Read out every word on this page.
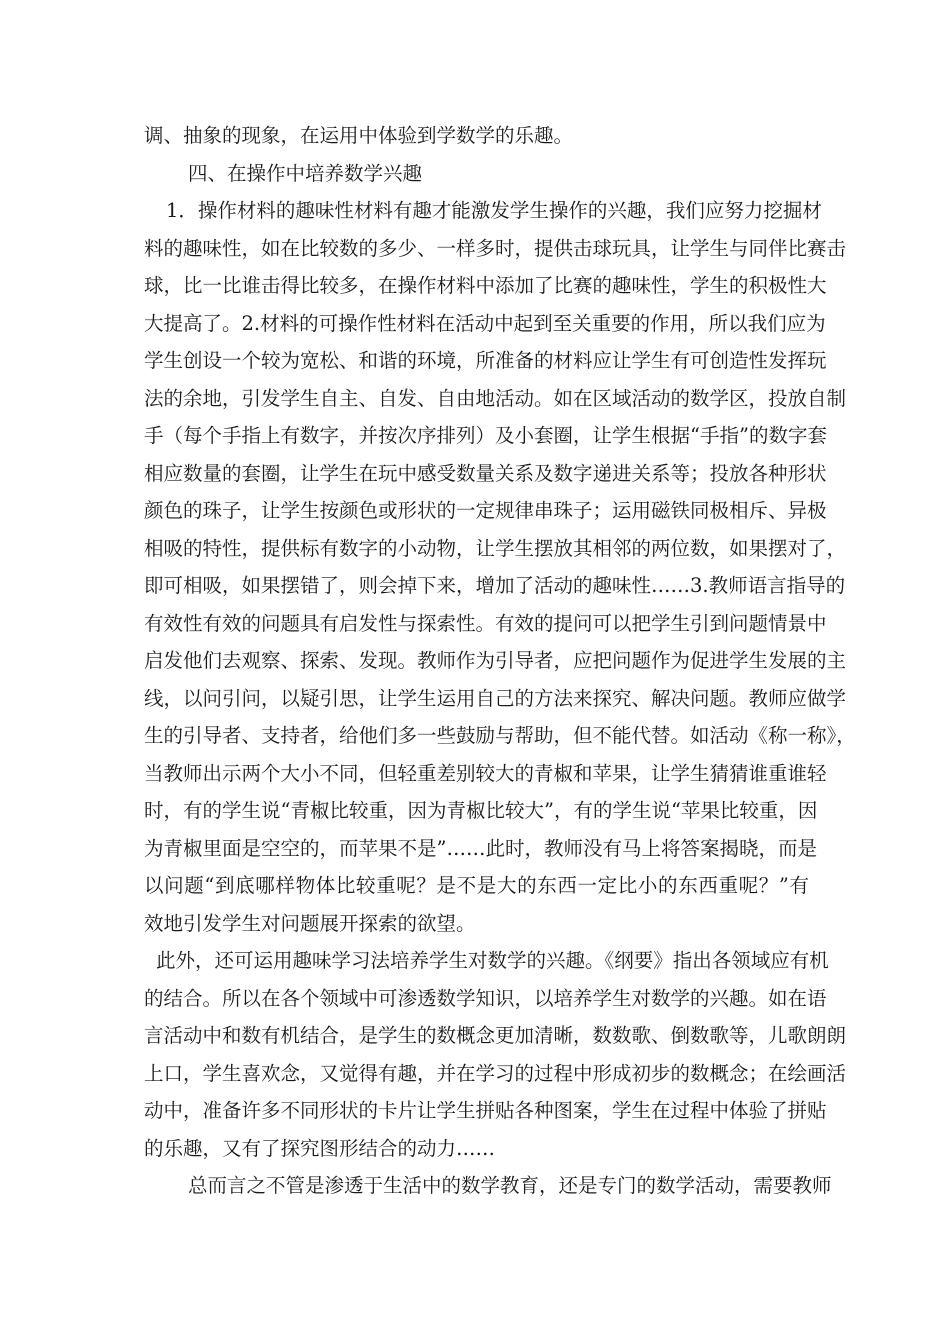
调、抽象的现象，在运用中体验到学数学的乐趣。
四、在操作中培养数学兴趣
1．操作材料的趣味性材料有趣才能激发学生操作的兴趣，我们应努力挖掘材
料的趣味性，如在比较数的多少、一样多时，提供击球玩具，让学生与同伴比赛击
球，比一比谁击得比较多，在操作材料中添加了比赛的趣味性，学生的积极性大
大提高了。2.材料的可操作性材料在活动中起到至关重要的作用，所以我们应为
学生创设一个较为宽松、和谐的环境，所准备的材料应让学生有可创造性发挥玩
法的余地，引发学生自主、自发、自由地活动。如在区域活动的数学区，投放自制
手（每个手指上有数字，并按次序排列）及小套圈，让学生根据“手指”的数字套
相应数量的套圈，让学生在玩中感受数量关系及数字递进关系等；投放各种形状
颜色的珠子，让学生按颜色或形状的一定规律串珠子；运用磁铁同极相斥、异极
相吸的特性，提供标有数字的小动物，让学生摆放其相邻的两位数，如果摆对了，
即可相吸，如果摆错了，则会掉下来，增加了活动的趣味性……3.教师语言指导的
有效性有效的问题具有启发性与探索性。有效的提问可以把学生引到问题情景中
启发他们去观察、探索、发现。教师作为引导者，应把问题作为促进学生发展的主
线，以问引问，以疑引思，让学生运用自己的方法来探究、解决问题。教师应做学
生的引导者、支持者，给他们多一些鼓励与帮助，但不能代替。如活动《称一称》，
当教师出示两个大小不同，但轻重差别较大的青椒和苹果，让学生猜猜谁重谁轻
时，有的学生说“青椒比较重，因为青椒比较大”，有的学生说“苹果比较重，因
为青椒里面是空空的，而苹果不是”……此时，教师没有马上将答案揭晓，而是
以问题“到底哪样物体比较重呢？是不是大的东西一定比小的东西重呢？”有
效地引发学生对问题展开探索的欲望。
此外，还可运用趣味学习法培养学生对数学的兴趣。《纲要》指出各领域应有机
的结合。所以在各个领域中可渗透数学知识，以培养学生对数学的兴趣。如在语
言活动中和数有机结合，是学生的数概念更加清晰，数数歌、倒数歌等，儿歌朗朗
上口，学生喜欢念，又觉得有趣，并在学习的过程中形成初步的数概念；在绘画活
动中，准备许多不同形状的卡片让学生拼贴各种图案，学生在过程中体验了拼贴
的乐趣，又有了探究图形结合的动力……
总而言之不管是渗透于生活中的数学教育，还是专门的数学活动，需要教师
